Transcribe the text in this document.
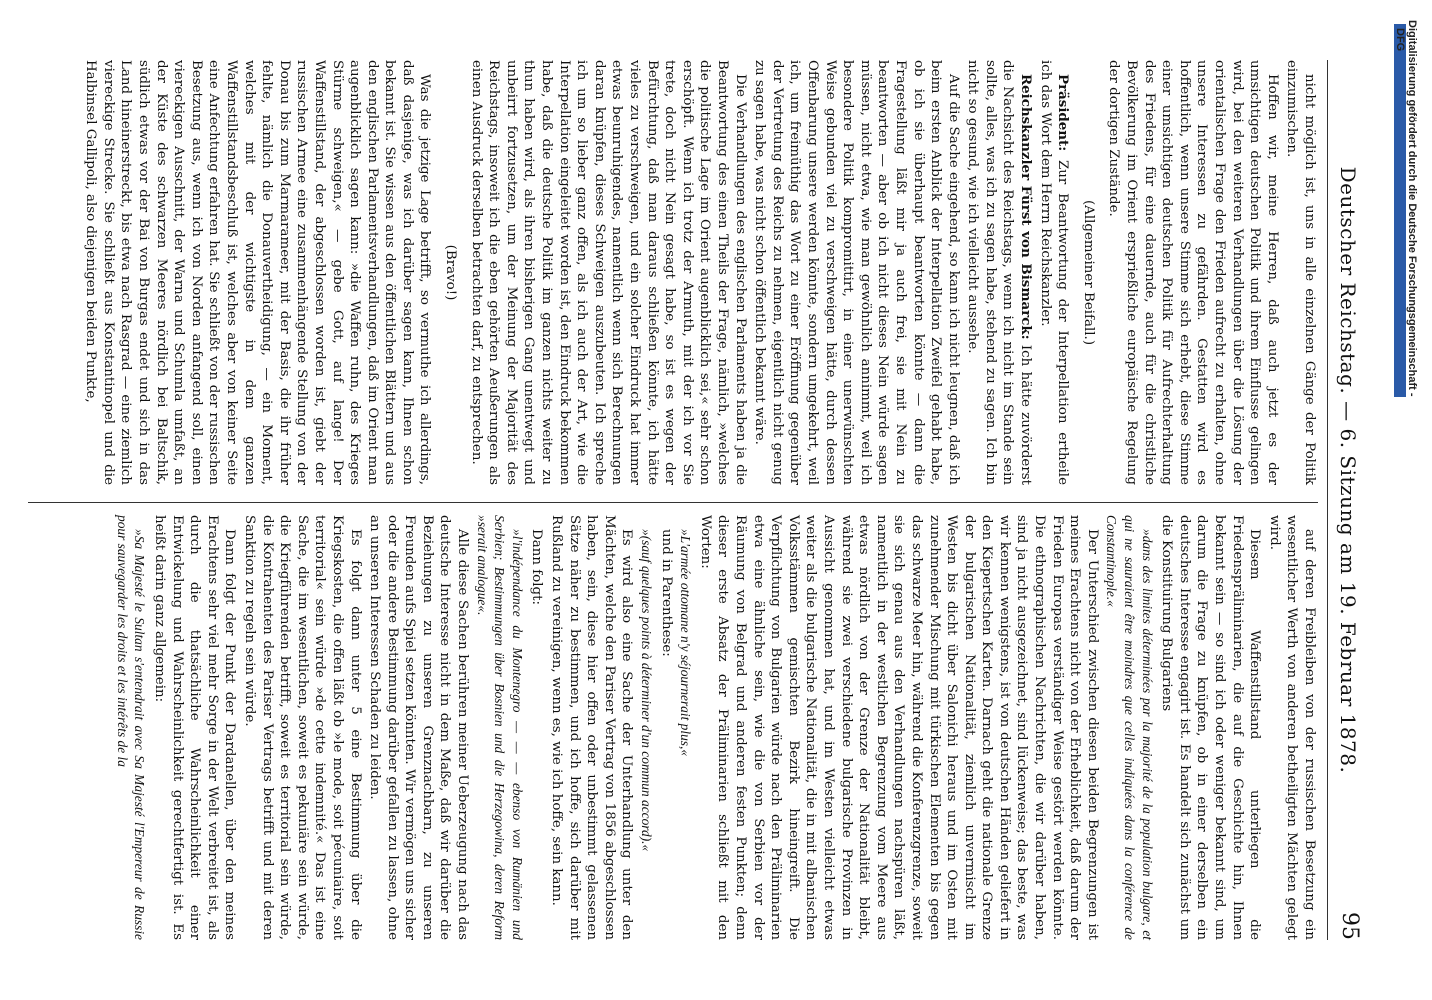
Deutscher Reichstag. — 6. Sitzung am 19. Februar 1878.
95

nicht möglich ist, uns in alle einzelnen Gänge der Politik einzumischen.

Hoffen wir, meine Herren, daß auch jetzt es der umsichtigen deutschen Politik und ihrem Einflusse gelingen wird, bei den weiteren Verhandlungen über die Lösung der orientalischen Frage den Frieden aufrecht zu erhalten, ohne unsere Interessen zu gefährden. Gestatten wird es hoffentlich, wenn unsere Stimme sich erhebt, diese Stimme einer umsichtigen deutschen Politik für Aufrechterhaltung des Friedens, für eine dauernde, auch für die christliche Bevölkerung im Orient ersprießliche europäische Regelung der dortigen Zustände.

(Allgemeiner Beifall.)

Präsident: Zur Beantwortung der Interpellation ertheile ich das Wort dem Herrn Reichskanzler.

Reichskanzler Fürst von Bismarck: Ich hätte zuvörderst die Nachsicht des Reichstags, wenn ich nicht im Stande sein sollte, alles, was ich zu sagen habe, stehend zu sagen. Ich bin nicht so gesund, wie ich vielleicht aussehe.

Auf die Sache eingehend, so kann ich nicht leugnen, daß ich beim ersten Anblick der Interpellation Zweifel gehabt habe, ob ich sie überhaupt beantworten könnte — dann die Fragestellung läßt mir ja auch frei, sie mit Nein zu beantworten — aber ob ich nicht dieses Nein würde sagen müssen, nicht etwa, wie man gewöhnlich annimmt, weil ich besondere Politik kompromittirt, in einer unerwünschten Weise gebunden viel zu verschweigen hätte, durch dessen Offenbarung unsere werden könnte, sondern umgekehrt, weil ich, um freimüthig das Wort zu einer Eröffnung gegenüber der Vertretung des Reichs zu nehmen, eigentlich nicht genug zu sagen habe, was nicht schon öffentlich bekannt wäre.

Die Verhandlungen des englischen Parlaments haben ja die Beantwortung des einen Theils der Frage, nämlich, »welches die politische Lage im Orient augenblicklich sei,« sehr schon erschöpft. Wenn ich trotz der Armuth, mit der ich vor Sie trete, doch nicht Nein gesagt habe, so ist es wegen der Befürchtung, daß man daraus schließen könnte, ich hätte vieles zu verschweigen, und ein solcher Eindruck hat immer etwas beunruhigendes, namentlich wenn sich Berechnungen daran knüpfen, dieses Schweigen auszubeuten. Ich spreche ich um so lieber ganz offen, als ich auch der Art, wie die Interpellation eingeleitet worden ist, den Eindruck bekommen habe, daß die deutsche Politik im ganzen nichts weiter zu thun haben wird, als ihren bisherigen Gang unentwegt und unbeirrt fortzusetzen, um der Meinung der Majorität des Reichstags, insoweit ich die eben gehörten Aeußerungen als einen Ausdruck derselben betrachten darf, zu entsprechen.

(Bravo!)

Was die jetzige Lage betrifft, so vermuthe ich allerdings, daß dasjenige, was ich darüber sagen kann, Ihnen schon bekannt ist. Sie wissen aus den öffentlichen Blättern und aus den englischen Parlamentsverhandlungen, daß im Orient man augenblicklich sagen kann: »die Waffen ruhn, des Krieges Stürme schweigen,« — gebe Gott, auf lange! Der Waffenstillstand, der abgeschlossen worden ist, giebt der russischen Armee eine zusammenhängende Stellung von der Donau bis zum Marmarameer, mit der Basis, die ihr früher fehlte, nämlich die Donauvertheidigung, — ein Moment, welches mit der wichtigste in dem ganzen Waffenstillstandsbeschluß ist, welches aber von keiner Seite eine Anfechtung erfahren hat. Sie schließt von der russischen Besetzung aus, wenn ich von Norden anfangend soll, einen viereckigen Ausschnitt, der Warna und Schumla umfaßt, an der Küste des schwarzen Meeres nördlich bei Baltschik, südlich etwas vor der Bai von Burgas endet und sich in das Land hineinerstreckt, bis etwa nach Rasgrad — eine ziemlich viereckige Strecke. Sie schließt aus Konstantinopel und die Halbinsel Gallipoli, also diejenigen beiden Punkte,

auf deren Freibleiben von der russischen Besetzung ein wesentlicher Werth von anderen betheiligten Mächten gelegt wird.

Diesem Waffenstillstand unterliegen die Friedenspräliminarien, die auf die Geschichte hin, Ihnen bekannt sein — so sind ich oder weniger bekannt sind, um darum die Frage zu knüpfen, ob in einer derselben ein deutsches Interesse engagirt ist. Es handelt sich zunächst um die Konstituirung Bulgariens

»dans des limites déterminées par la majorité de la population bulgare, et qui ne sauraient être moindres que celles indiquées dans la conférence de Constantinople.«

Der Unterschied zwischen diesen beiden Begrenzungen ist meines Erachtens nicht von der Erheblichkeit, daß darum der Frieden Europas verständiger Weise gestört werden könnte. Die ethnographischen Nachrichten, die wir darüber haben, sind ja nicht ausgezeichnet, sind lückenweise; das beste, was wir kennen wenigstens, ist von deutschen Händen geliefert in den Kiepertschen Karten. Darnach geht die nationale Grenze der bulgarischen Nationalität, ziemlich unvermischt im Westen bis dicht über Salonichi heraus und im Osten mit zunehmender Mischung mit türkischen Elementen bis gegen das schwarze Meer hin, während die Konferenzgrenze, soweit sie sich genau aus den Verhandlungen nachspüren läßt, namentlich in der westlichen Begrenzung vom Meere aus etwas nördlich von der Grenze der Nationalität bleibt, während sie zwei verschiedene bulgarische Provinzen in Aussicht genommen hat, und im Westen vielleicht etwas weiter als die bulgarische Nationalität, die in mit albanischen Volksstämmen gemischten Bezirk hineingreift. Die Verpflichtung von Bulgarien würde nach den Präliminarien etwa eine ähnliche sein, wie die von Serbien vor der Räumung von Belgrad und anderen festen Punkten; denn dieser erste Absatz der Präliminarien schließt mit den Worten:

»L'armée ottomane n'y séjournerait plus,«

und in Parenthese:

»(sauf quelques points à déterminer d'un commun accord).«

Es wird also eine Sache der Unterhandlung unter den Mächten, welche den Pariser Vertrag von 1856 abgeschlossen haben, sein, diese hier offen oder unbestimmt gelassenen Sätze näher zu bestimmen, und ich hoffe, sich darüber mit Rußland zu vereinigen, wenn es, wie ich hoffe, sein kann.

Dann folgt:

»l'indépendance du Montenegro — — — ebenso von Rumänien und Serbien; Bestimmungen über Bosnien und die Herzegowina, deren Reform »serait analogue«.

Alle diese Sachen berühren meiner Ueberzeugung nach das deutsche Interesse nicht in dem Maße, daß wir darüber die Beziehungen zu unseren Grenznachbarn, zu unseren Freunden aufs Spiel setzen könnten. Wir vermögen uns sicher oder die andere Bestimmung darüber gefallen zu lassen, ohne an unseren Interessen Schaden zu leiden.

Es folgt dann unter 5 eine Bestimmung über die Kriegskosten, die offen läßt ob »le mode, soit pécuniaire, soit territorial« sein würde »de cette indemnité.« Das ist eine Sache, die im wesentlichen, soweit es pekuniäre sein würde, die Kriegführenden betrifft, soweit es territorial sein würde, die Kontrahenten des Pariser Vertrags betrifft und mit deren Sanktion zu regeln sein würde.

Dann folgt der Punkt der Dardanellen, über den meines Erachtens sehr viel mehr Sorge in der Welt verbreitet ist, als durch die thatsächliche Wahrscheinlichkeit einer Entwickelung und Wahrscheinlichkeit gerechtfertigt ist. Es heißt darin ganz allgemein:

»Sa Majesté le Sultan s'entendrait avec Sa Majesté l'Empereur de Russie pour sauvegarder les droits et les intérêts de la

Digitalisierung gefördert durch die Deutsche Forschungsgemeinschaft -
DFG
